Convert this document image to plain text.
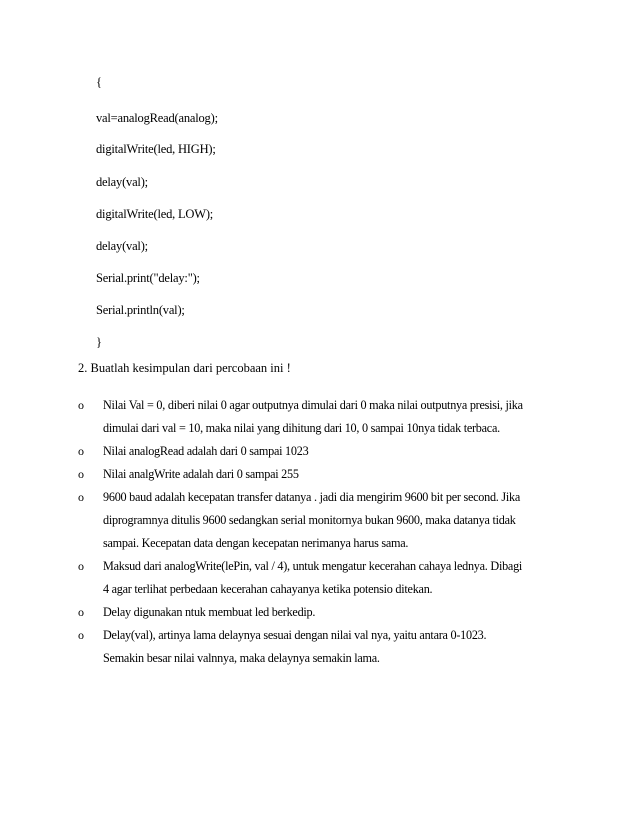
{
val=analogRead(analog);
digitalWrite(led, HIGH);
delay(val);
digitalWrite(led, LOW);
delay(val);
Serial.print("delay:");
Serial.println(val);
}
2. Buatlah kesimpulan dari percobaan ini !
o Nilai Val = 0, diberi nilai 0 agar outputnya dimulai dari 0 maka nilai outputnya presisi, jika
dimulai dari val = 10, maka nilai yang dihitung dari 10, 0 sampai 10nya tidak terbaca.
o Nilai analogRead adalah dari 0 sampai 1023
o Nilai analgWrite adalah dari 0 sampai 255
o 9600 baud adalah kecepatan transfer datanya . jadi dia mengirim 9600 bit per second. Jika
diprogramnya ditulis 9600 sedangkan serial monitornya bukan 9600, maka datanya tidak
sampai. Kecepatan data dengan kecepatan nerimanya harus sama.
o Maksud dari analogWrite(lePin, val / 4), untuk mengatur kecerahan cahaya lednya. Dibagi
4 agar terlihat perbedaan kecerahan cahayanya ketika potensio ditekan.
o Delay digunakan ntuk membuat led berkedip.
o Delay(val), artinya lama delaynya sesuai dengan nilai val nya, yaitu antara 0-1023.
Semakin besar nilai valnnya, maka delaynya semakin lama.
